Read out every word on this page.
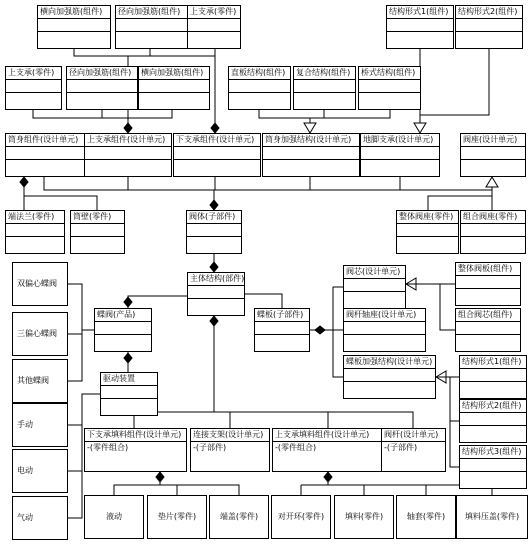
横向加强筋(组件)	径向加强筋(组件)	上支承(零件)	结构形式1(组件)	结构形式2(组件)
上支承(零件)	径向加强筋(组件)	横向加强筋(组件)	直板结构(组件)	复合结构(组件)	桥式结构(组件)
筒身组件(设计单元)	上支承组件(设计单元)	下支承组件(设计单元)	筒身加强结构(设计单元)	地脚支承(设计单元)	阀座(设计单元)
端法兰(零件)	筒壁(零件)	阀体(子部件)	整体阀座(零件)	组合阀座(零件)
主体结构(部件)
阀芯(设计单元)	整体阀板(组件)
蝶板(子部件)	阀杆轴座(设计单元)	组合阀芯(组件)
蝶阀(产品)
驱动装置
蝶板加强结构(设计单元)	结构形式1(组件)
结构形式2(组件)
结构形式3(组件)
下支承填料组件(设计单元)
-(零件组合)
连接支架(设计单元)
-(子部件)
上支承填料组件(设计单元)
-(零件组合)
阀杆(设计单元)
-(子部件)
双偏心蝶阀
三偏心蝶阀
其他蝶阀
手动
电动
气动	液动	垫片(零件)	端盖(零件)	对开环(零件)	填料(零件)	轴套(零件)	填料压盖(零件)
